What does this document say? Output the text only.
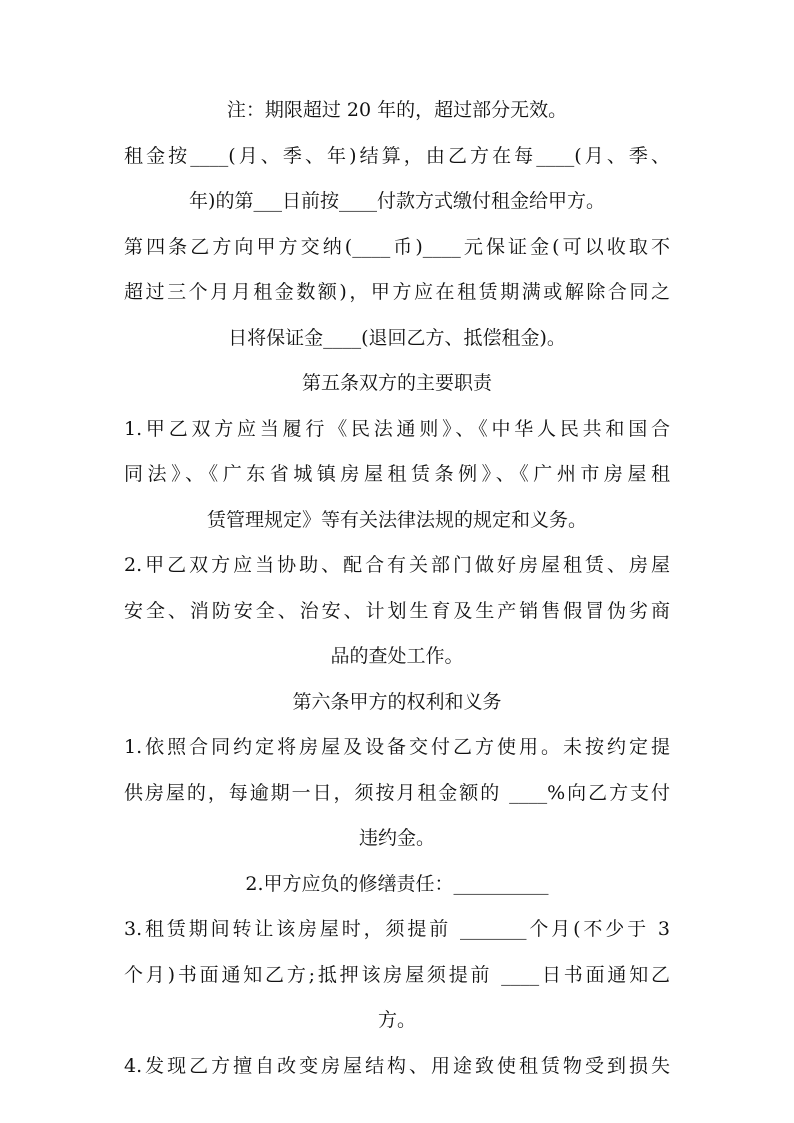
注：期限超过 20 年的，超过部分无效。
租金按____(月、季、年)结算，由乙方在每____(月、季、
年)的第___日前按____付款方式缴付租金给甲方。
第四条乙方向甲方交纳(____币)____元保证金(可以收取不
超过三个月月租金数额)，甲方应在租赁期满或解除合同之
日将保证金____(退回乙方、抵偿租金)。
第五条双方的主要职责
1.甲乙双方应当履行《民法通则》、《中华人民共和国合
同法》、《广东省城镇房屋租赁条例》、《广州市房屋租
赁管理规定》等有关法律法规的规定和义务。
2.甲乙双方应当协助、配合有关部门做好房屋租赁、房屋
安全、消防安全、治安、计划生育及生产销售假冒伪劣商
品的查处工作。
第六条甲方的权利和义务
1.依照合同约定将房屋及设备交付乙方使用。未按约定提
供房屋的，每逾期一日，须按月租金额的 ____%向乙方支付
违约金。
2.甲方应负的修缮责任：__________
3.租赁期间转让该房屋时，须提前 _______个月(不少于 3
个月)书面通知乙方;抵押该房屋须提前 ____日书面通知乙
方。
4.发现乙方擅自改变房屋结构、用途致使租赁物受到损失
